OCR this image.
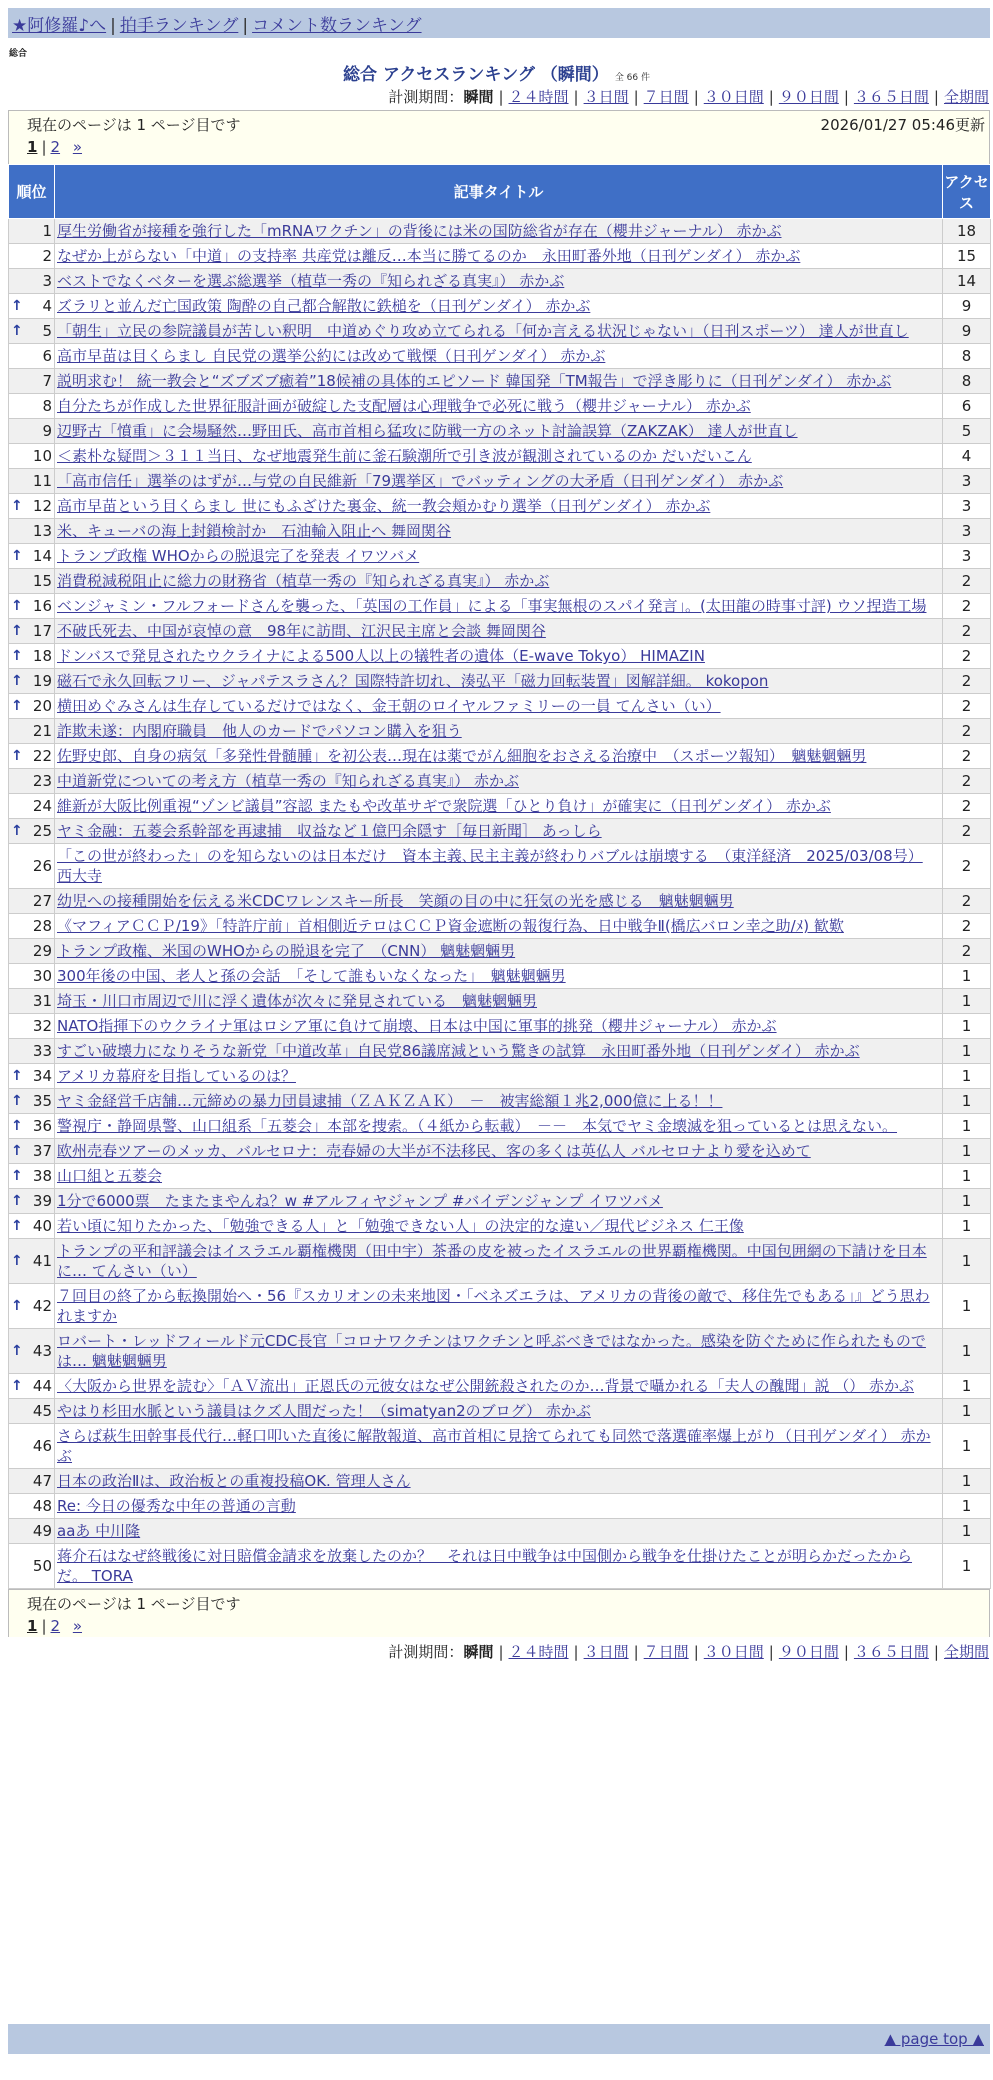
★阿修羅♪へ | 拍手ランキング | コメント数ランキング
総合
総合 アクセスランキング （瞬間） 全 66 件
計測期間：瞬間 | ２４時間 | ３日間 | ７日間 | ３０日間 | ９０日間 | ３６５日間 | 全期間
現在のページは 1 ページ目です	2026/01/27 05:46更新
1 | 2 »
順位	記事タイトル	アクセス
1	厚生労働省が接種を強行した「mRNAワクチン」の背後には米の国防総省が存在（櫻井ジャーナル） 赤かぶ	18
2	なぜか上がらない「中道」の支持率 共産党は離反…本当に勝てるのか　永田町番外地（日刊ゲンダイ） 赤かぶ	15
3	ベストでなくベターを選ぶ総選挙（植草一秀の『知られざる真実』） 赤かぶ	14

↑ 4	ズラリと並んだ亡国政策 陶酔の自己都合解散に鉄槌を（日刊ゲンダイ） 赤かぶ	9

↑ 5	「朝生」立民の参院議員が苦しい釈明　中道めぐり攻め立てられる「何か言える状況じゃない」（日刊スポーツ） 達人が世直し	9
6	高市早苗は目くらまし 自民党の選挙公約には改めて戦慄（日刊ゲンダイ） 赤かぶ	8
7	説明求む！ 統一教会と“ズブズブ癒着”18候補の具体的エピソード 韓国発「TM報告」で浮き彫りに（日刊ゲンダイ） 赤かぶ	8
8	自分たちが作成した世界征服計画が破綻した支配層は心理戦争で必死に戦う（櫻井ジャーナル） 赤かぶ	6
9	辺野古「憤重」に会場騒然…野田氏、高市首相ら猛攻に防戦一方のネット討論誤算（ZAKZAK） 達人が世直し	5
10	＜素朴な疑問＞３１１当日、なぜ地震発生前に釜石験潮所で引き波が観測されているのか だいだいこん	4
11	「高市信任」選挙のはずが…与党の自民維新「79選挙区」でバッティングの大矛盾（日刊ゲンダイ） 赤かぶ	3

↑ 12	高市早苗という目くらまし 世にもふざけた裏金、統一教会頬かむり選挙（日刊ゲンダイ） 赤かぶ	3
13	米、キューバの海上封鎖検討か　石油輸入阻止へ 舞岡関谷	3

↑ 14	トランプ政権 WHOからの脱退完了を発表 イワツバメ	3
15	消費税減税阻止に総力の財務省（植草一秀の『知られざる真実』） 赤かぶ	2

↑ 16	ベンジャミン・フルフォードさんを襲った、「英国の工作員」による「事実無根のスパイ発言」。(太田龍の時事寸評) ウソ捏造工場	2

↑ 17	不破氏死去、中国が哀悼の意　98年に訪問、江沢民主席と会談 舞岡関谷	2

↑ 18	ドンバスで発見されたウクライナによる500人以上の犠牲者の遺体（E-wave Tokyo） HIMAZIN	2

↑ 19	磁石で永久回転フリー、ジャパテスラさん？国際特許切れ、湊弘平「磁力回転装置」図解詳細。 kokopon	2

↑ 20	横田めぐみさんは生存しているだけではなく、金王朝のロイヤルファミリーの一員 てんさい（い）	2
21	詐欺未遂：内閣府職員　他人のカードでパソコン購入を狙う	2

↑ 22	佐野史郎、自身の病気「多発性骨髄腫」を初公表…現在は薬でがん細胞をおさえる治療中　（スポーツ報知）　魑魅魍魎男	2
23	中道新党についての考え方（植草一秀の『知られざる真実』） 赤かぶ	2
24	維新が大阪比例重視“ゾンビ議員”容認 またもや改革サギで衆院選「ひとり負け」が確実に（日刊ゲンダイ） 赤かぶ	2

↑ 25	ヤミ金融：五菱会系幹部を再逮捕　収益など１億円余隠す［毎日新聞］ あっしら	2
26	「この世が終わった」のを知らないのは日本だけ　資本主義､民主主義が終わりバブルは崩壊する　（東洋経済　2025/03/08号） 西大寺	2
27	幼児への接種開始を伝える米CDCワレンスキー所長　笑顔の目の中に狂気の光を感じる　魑魅魍魎男	2
28	《マフィアＣＣＰ/19》「特許庁前」首相側近テロはＣＣＰ資金遮断の報復行為、日中戦争Ⅱ(橋広バロン幸之助/ﾒ) 歓歎	2
29	トランプ政権、米国のWHOからの脱退を完了　（CNN） 魑魅魍魎男	2
30	300年後の中国、老人と孫の会話　「そして誰もいなくなった」　魑魅魍魎男	1
31	埼玉・川口市周辺で川に浮く遺体が次々に発見されている　魑魅魍魎男	1
32	NATO指揮下のウクライナ軍はロシア軍に負けて崩壊、日本は中国に軍事的挑発（櫻井ジャーナル） 赤かぶ	1
33	すごい破壊力になりそうな新党「中道改革」自民党86議席減という驚きの試算　永田町番外地（日刊ゲンダイ） 赤かぶ	1

↑ 34	アメリカ幕府を目指しているのは？	1

↑ 35	ヤミ金経営千店舗…元締めの暴力団員逮捕（ＺＡＫＺＡＫ）　－　被害総額１兆2,000億に上る！！	1

↑ 36	警視庁・静岡県警、山口組系「五菱会」本部を捜索。（４紙から転載）　－－　本気でヤミ金壊滅を狙っているとは思えない。	1

↑ 37	欧州売春ツアーのメッカ、バルセロナ：売春婦の大半が不法移民、客の多くは英仏人 バルセロナより愛を込めて	1

↑ 38	山口組と五菱会	1

↑ 39	1分で6000票　たまたまやんね？w #アルフィヤジャンプ #バイデンジャンプ イワツバメ	1

↑ 40	若い頃に知りたかった、「勉強できる人」と「勉強できない人」の決定的な違い／現代ビジネス 仁王像	1

↑ 41	トランプの平和評議会はイスラエル覇権機関（田中宇）茶番の皮を被ったイスラエルの世界覇権機関。中国包囲網の下請けを日本に… てんさい（い）	1

↑ 42	７回目の終了から転換開始へ・56『スカリオンの未来地図・「ベネズエラは、アメリカの背後の敵で、移住先でもある」』どう思われますか	1

↑ 43	ロバート・レッドフィールド元CDC長官「コロナワクチンはワクチンと呼ぶべきではなかった。感染を防ぐために作られたものでは… 魑魅魍魎男	1

↑ 44	〈大阪から世界を読む〉「ＡＶ流出」正恩氏の元彼女はなぜ公開銃殺されたのか…背景で囁かれる「夫人の醜聞」説 （） 赤かぶ	1
45	やはり杉田水脈という議員はクズ人間だった！（simatyan2のブログ） 赤かぶ	1
46	さらば萩生田幹事長代行…軽口叩いた直後に解散報道、高市首相に見捨てられても同然で落選確率爆上がり（日刊ゲンダイ） 赤かぶ	1
47	日本の政治Ⅱは、政治板との重複投稿OK. 管理人さん	1
48	Re: 今日の優秀な中年の普通の言動	1
49	aaあ 中川隆	1
50	蒋介石はなぜ終戦後に対日賠償金請求を放棄したのか？　それは日中戦争は中国側から戦争を仕掛けたことが明らかだったからだ。 TORA	1
現在のページは 1 ページ目です
1 | 2 »
計測期間：瞬間 | ２４時間 | ３日間 | ７日間 | ３０日間 | ９０日間 | ３６５日間 | 全期間
▲ page top ▲
